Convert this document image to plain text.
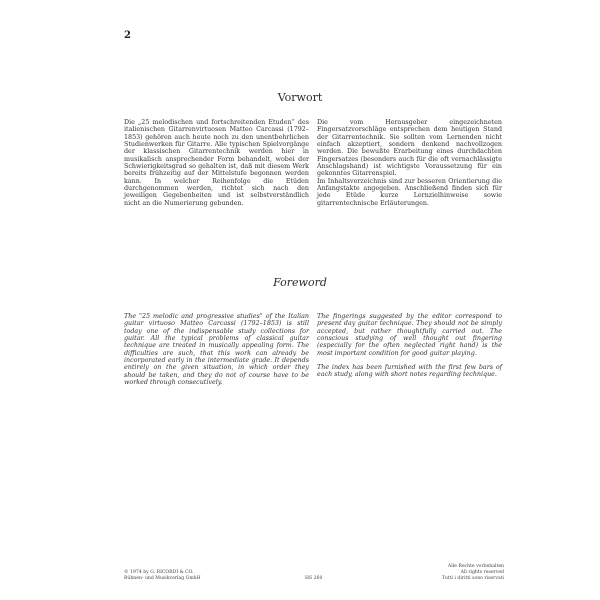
2
Vorwort

Die „25 melodischen und fortschreitenden Etuden“ des italienischen Gitarrenvirtuosen Matteo Carcassi (1792–1853) gehören auch heute noch zu den unentbehrlichen Studienwerken für Gitarre. Alle typischen Spielvorgänge der klassischen Gitarrentechnik werden hier in musikalisch ansprechender Form behandelt, wobei der Schwierigkeitsgrad so gehalten ist, daß mit diesem Werk bereits frühzeitig auf der Mittelstufe begonnen werden kann. In welcher Reihenfolge die Etüden durchgenommen werden, richtet sich nach den jeweiligen Gegebenheiten und ist selbstverständlich nicht an die Numerierung gebunden.

Die vom Herausgeber eingezeichneten Fingersatzvorschläge entsprechen dem heutigen Stand der Gitarrentechnik. Sie sollten vom Lernenden nicht einfach akzeptiert, sondern denkend nachvollzogen werden. Die bewußte Erarbeitung eines durchdachten Fingersatzes (besonders auch für die oft vernachlässigte Anschlagshand) ist wichtigste Voraussetzung für ein gekonntes Gitarrenspiel.

Im Inhaltsverzeichnis sind zur besseren Orientierung die Anfangstakte angegeben. Anschließend finden sich für jede Etüde kurze Lernzielhinweise sowie gitarrentechnische Erläuterungen.

Foreword

The "25 melodic and progressive studies" of the Italian guitar virtuoso Matteo Carcassi (1792–1853) is still today one of the indispensable study collections for guitar. All the typical problems of classical guitar technique are treated in musically appealing form. The difficulties are such, that this work can already be incorporated early in the intermediate grade. It depends entirely on the given situation, in which order they should be taken, and they do not of course have to be worked through consecutively.

The fingerings suggested by the editor correspond to present day guitar technique. They should not be simply accepted, but rather thoughtfully carried out. The conscious studying of well thought out fingering (especially for the often neglected right hand) is the most important condition for good guitar playing.

The index has been furnished with the first few bars of each study, along with short notes regarding technique.

© 1974 by G. RICORDI & CO.
Bühnen- und Musikverlag GmbH	HS 260
Alle Rechte vorbehalten
All rights reserved
Tutti i diritti sono riservati
